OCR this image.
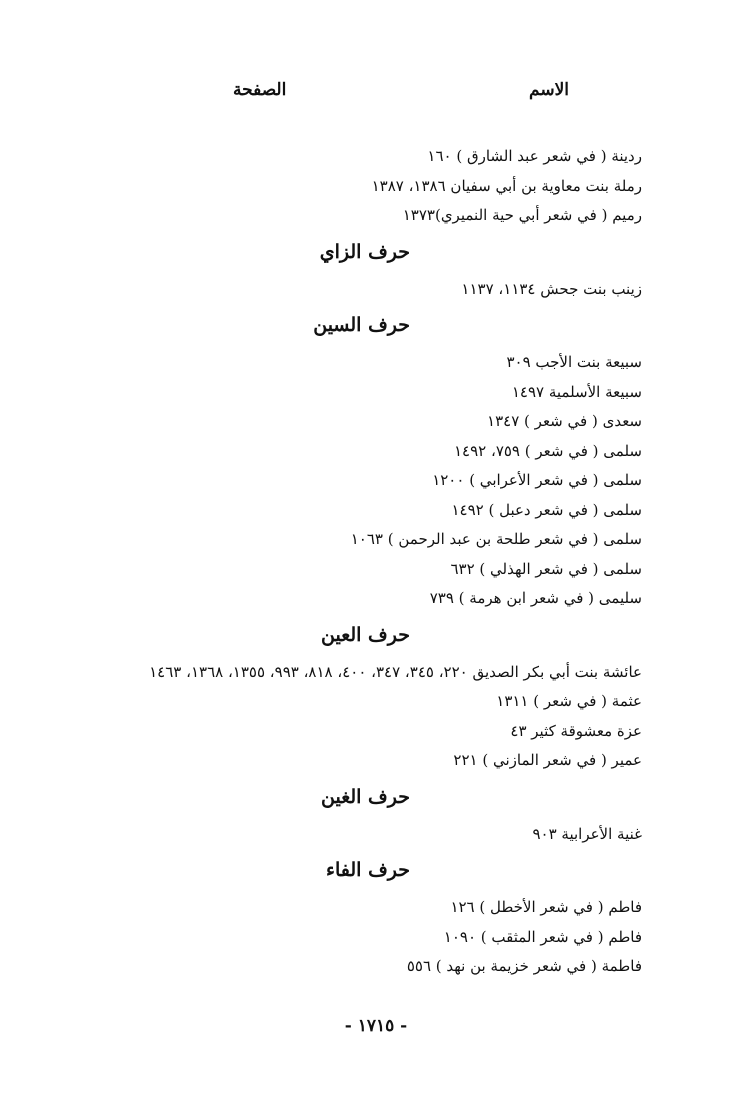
الاسم
الصفحة
ردينة ( في شعر عبد الشارق ) ١٦٠
رملة بنت معاوية بن أبي سفيان ١٣٨٦، ١٣٨٧
رميم ( في شعر أبي حية النميري)١٣٧٣
حرف الزاي
زينب بنت جحش ١١٣٤، ١١٣٧
حرف السين
سبيعة بنت الأجب ٣٠٩
سبيعة الأسلمية ١٤٩٧
سعدى ( في شعر ) ١٣٤٧
سلمى ( في شعر ) ٧٥٩، ١٤٩٢
سلمى ( في شعر الأعرابي ) ١٢٠٠
سلمى ( في شعر دعبل ) ١٤٩٢
سلمى ( في شعر طلحة بن عبد الرحمن ) ١٠٦٣
سلمى ( في شعر الهذلي ) ٦٣٢
سليمى ( في شعر ابن هرمة ) ٧٣٩
حرف العين
عائشة بنت أبي بكر الصديق ٢٢٠، ٣٤٥، ٣٤٧، ٤٠٠، ٨١٨، ٩٩٣، ١٣٥٥، ١٣٦٨، ١٤٦٣
عثمة ( في شعر ) ١٣١١
عزة معشوقة كثير ٤٣
عمير ( في شعر المازني ) ٢٢١
حرف الغين
غنية الأعرابية ٩٠٣
حرف الفاء
فاطم ( في شعر الأخطل ) ١٢٦
فاطم ( في شعر المثقب ) ١٠٩٠
فاطمة ( في شعر خزيمة بن نهد ) ٥٥٦
- ١٧١٥ -
